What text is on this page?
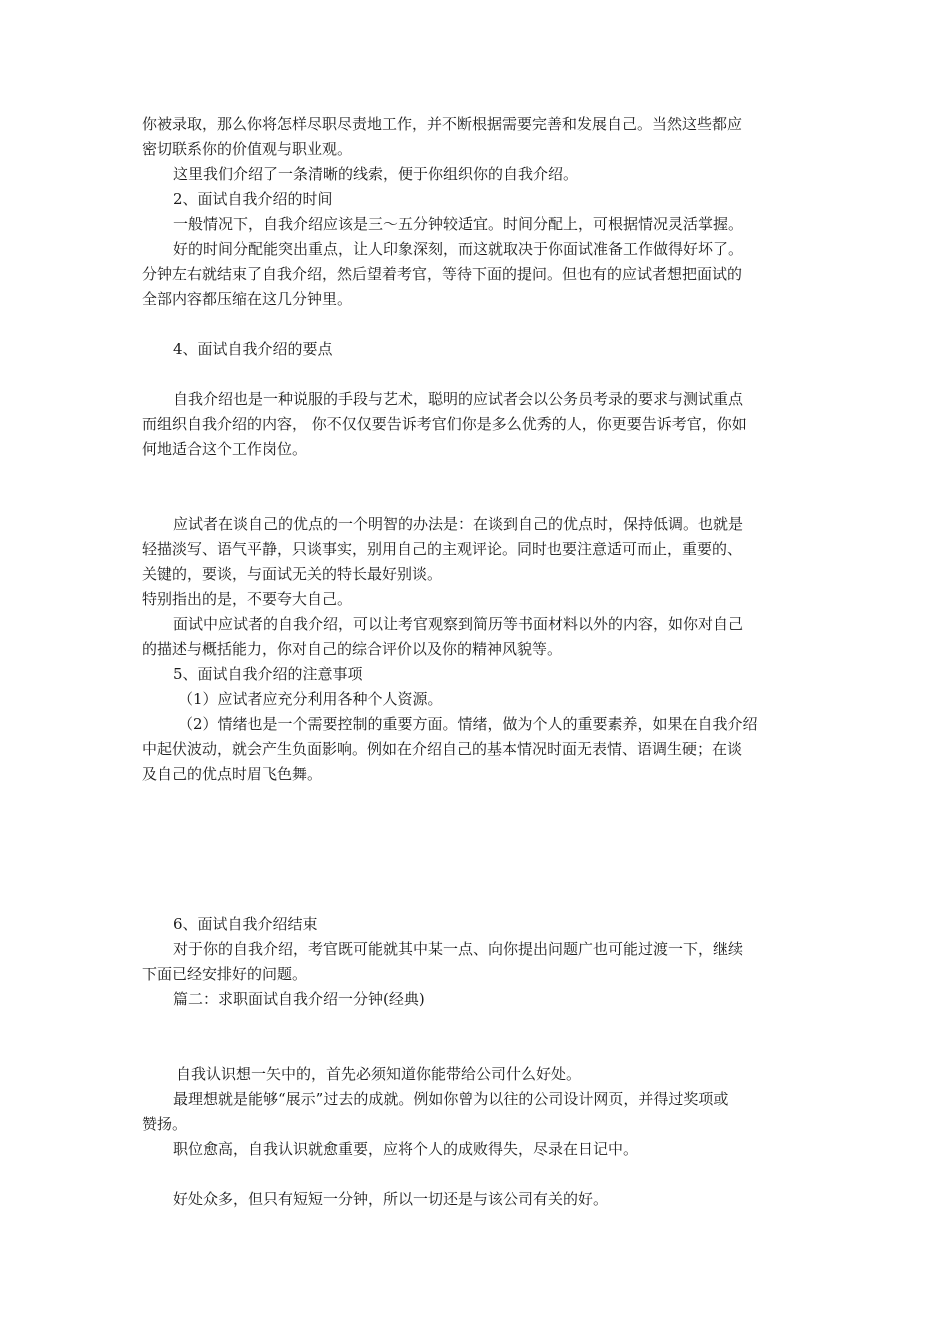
你被录取，那么你将怎样尽职尽责地工作，并不断根据需要完善和发展自己。当然这些都应
密切联系你的价值观与职业观。
这里我们介绍了一条清晰的线索，便于你组织你的自我介绍。
2、面试自我介绍的时间
一般情况下，自我介绍应该是三～五分钟较适宜。时间分配上，可根据情况灵活掌握。
好的时间分配能突出重点，让人印象深刻，而这就取决于你面试准备工作做得好坏了。
分钟左右就结束了自我介绍，然后望着考官，等待下面的提问。但也有的应试者想把面试的
全部内容都压缩在这几分钟里。
4、面试自我介绍的要点
自我介绍也是一种说服的手段与艺术，聪明的应试者会以公务员考录的要求与测试重点
而组织自我介绍的内容， 你不仅仅要告诉考官们你是多么优秀的人，你更要告诉考官，你如
何地适合这个工作岗位。
应试者在谈自己的优点的一个明智的办法是：在谈到自己的优点时，保持低调。也就是
轻描淡写、语气平静，只谈事实，别用自己的主观评论。同时也要注意适可而止，重要的、
关键的，要谈，与面试无关的特长最好别谈。
特别指出的是，不要夸大自己。
面试中应试者的自我介绍，可以让考官观察到简历等书面材料以外的内容，如你对自己
的描述与概括能力，你对自己的综合评价以及你的精神风貌等。
5、面试自我介绍的注意事项
（1）应试者应充分利用各种个人资源。
（2）情绪也是一个需要控制的重要方面。情绪，做为个人的重要素养，如果在自我介绍
中起伏波动，就会产生负面影响。例如在介绍自己的基本情况时面无表情、语调生硬；在谈
及自己的优点时眉飞色舞。
6、面试自我介绍结束
对于你的自我介绍，考官既可能就其中某一点、向你提出问题广也可能过渡一下，继续
下面已经安排好的问题。
篇二：求职面试自我介绍一分钟(经典)
自我认识想一矢中的，首先必须知道你能带给公司什么好处。
最理想就是能够“展示”过去的成就。例如你曾为以往的公司设计网页，并得过奖项或
赞扬。
职位愈高，自我认识就愈重要，应将个人的成败得失，尽录在日记中。
好处众多，但只有短短一分钟，所以一切还是与该公司有关的好。
